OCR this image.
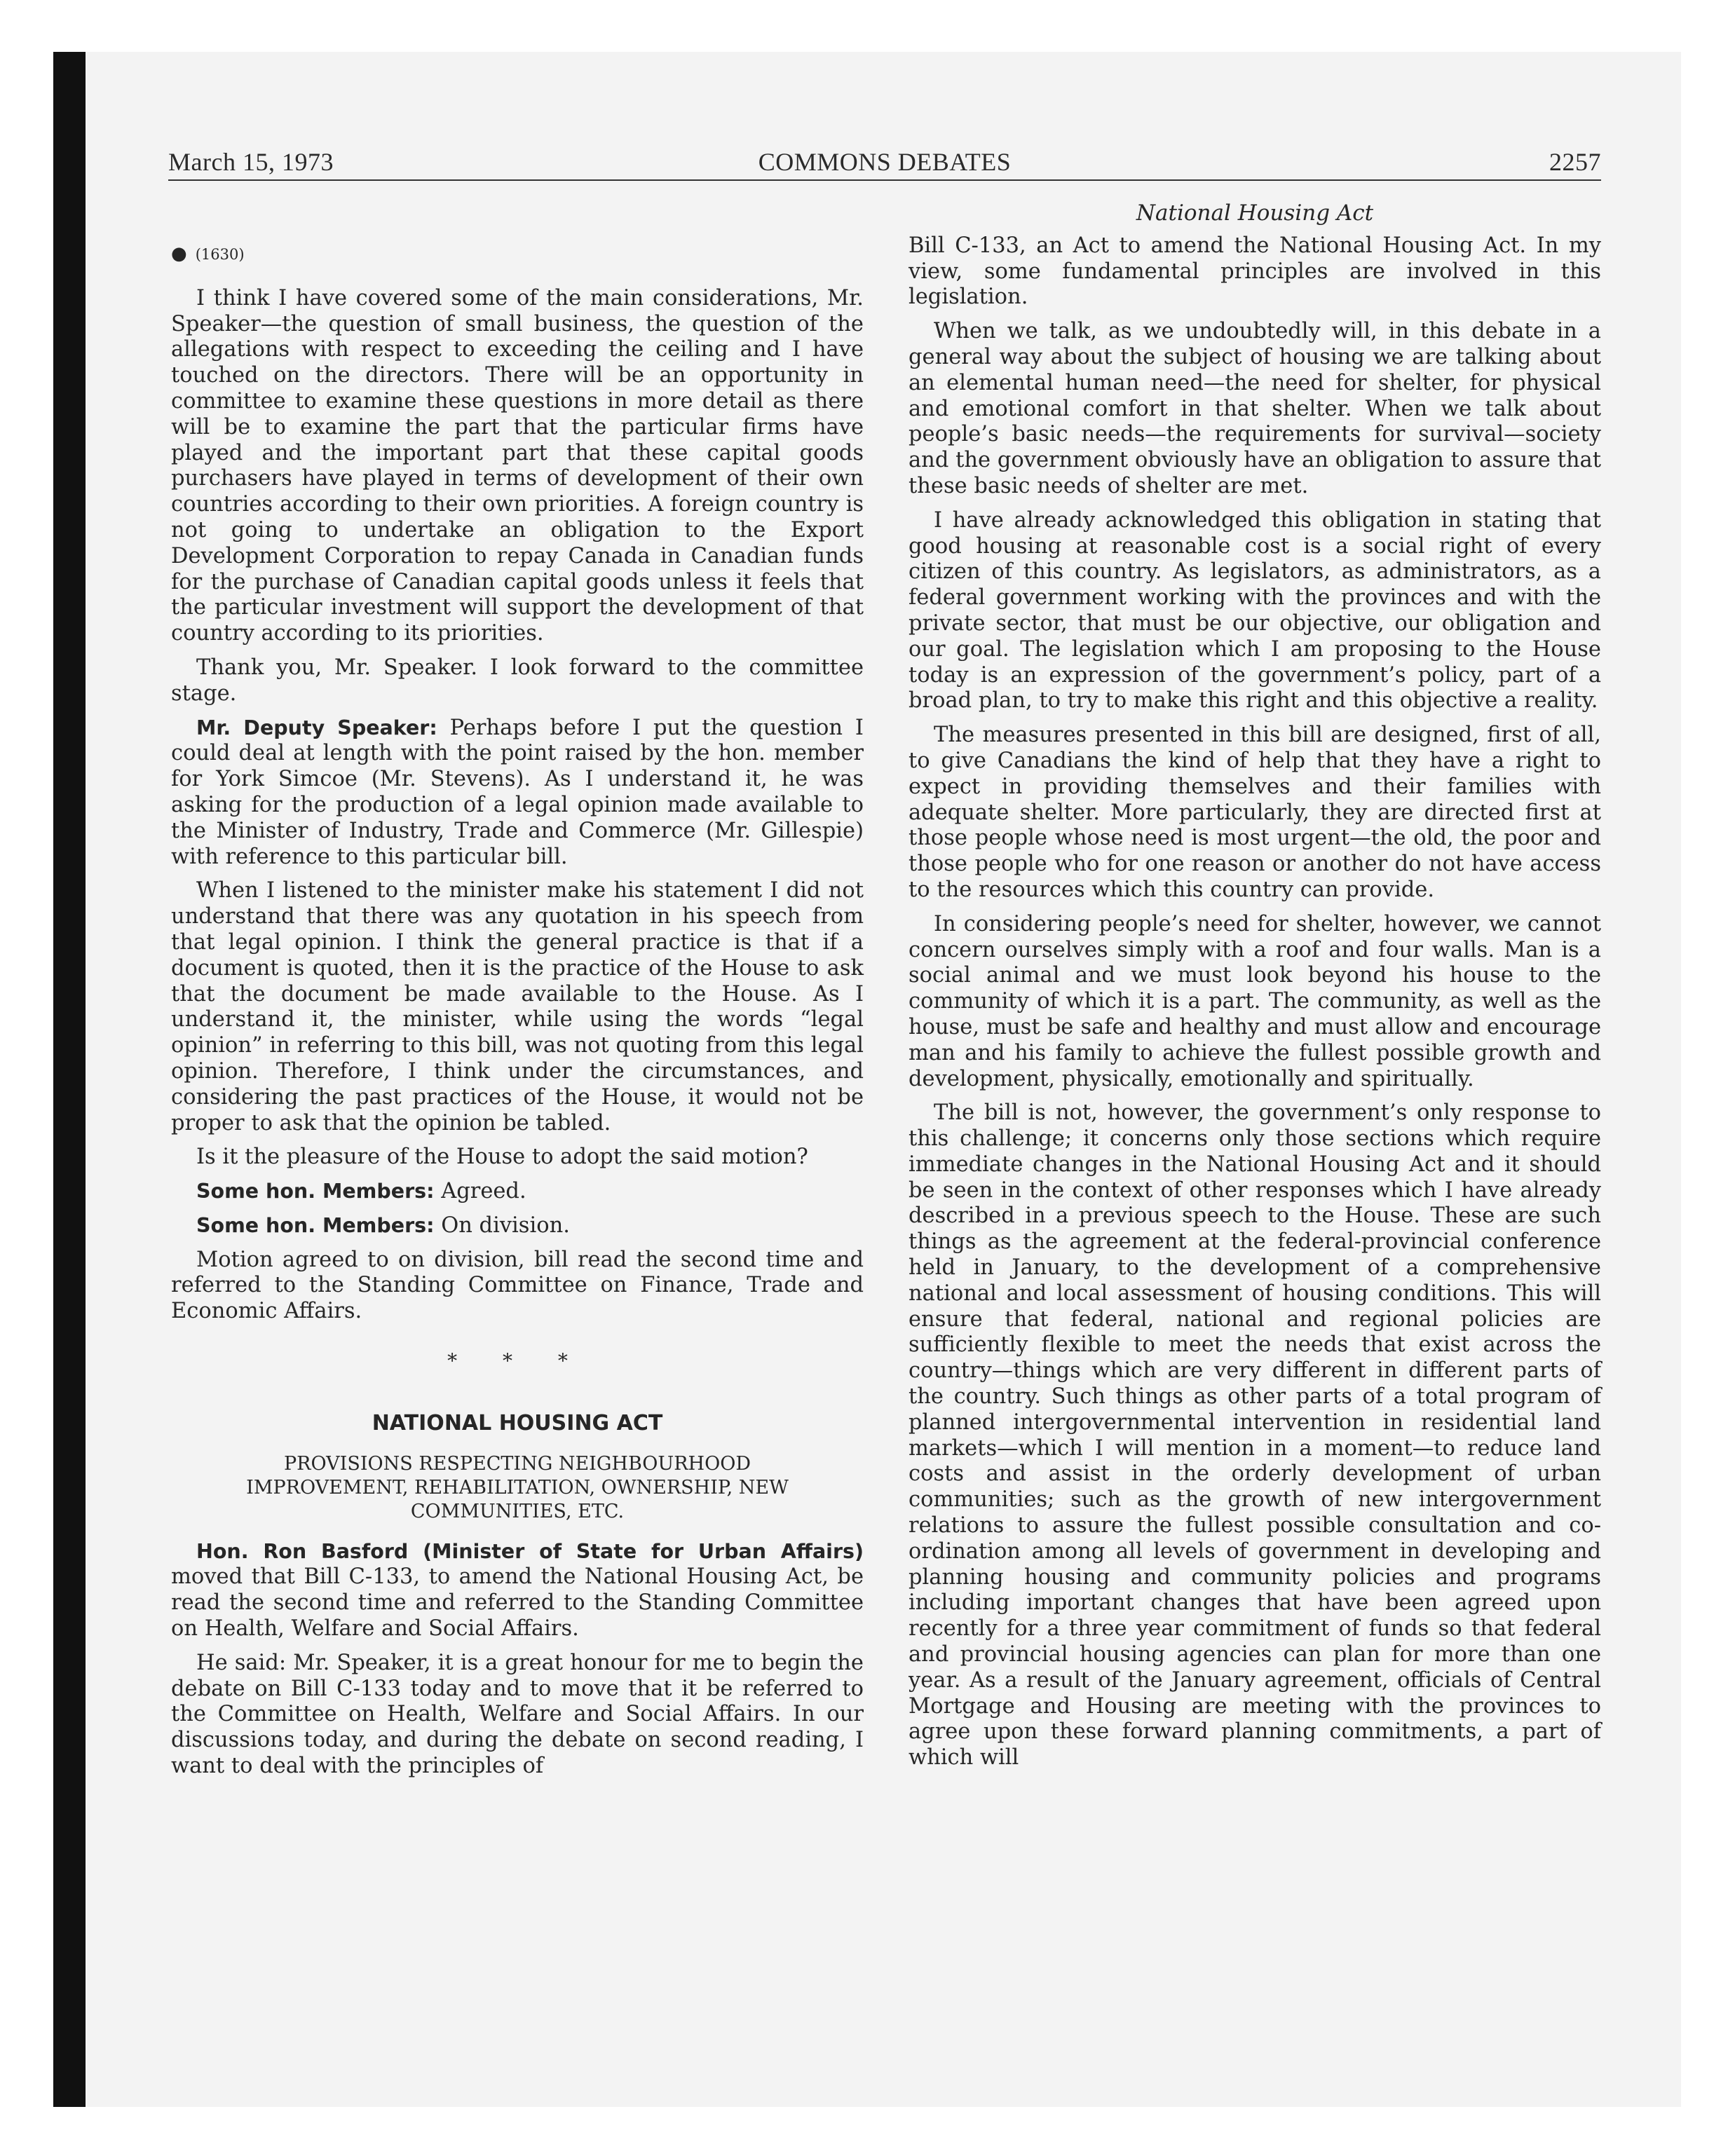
March 15, 1973	COMMONS DEBATES	2257

● (1630)

I think I have covered some of the main considerations, Mr. Speaker—the question of small business, the question of the allegations with respect to exceeding the ceiling and I have touched on the directors. There will be an opportunity in committee to examine these questions in more detail as there will be to examine the part that the particular firms have played and the important part that these capital goods purchasers have played in terms of development of their own countries according to their own priorities. A foreign country is not going to undertake an obligation to the Export Development Corporation to repay Canada in Canadian funds for the purchase of Canadian capital goods unless it feels that the particular investment will support the development of that country according to its priorities.

Thank you, Mr. Speaker. I look forward to the committee stage.

Mr. Deputy Speaker: Perhaps before I put the question I could deal at length with the point raised by the hon. member for York Simcoe (Mr. Stevens). As I understand it, he was asking for the production of a legal opinion made available to the Minister of Industry, Trade and Commerce (Mr. Gillespie) with reference to this particular bill.

When I listened to the minister make his statement I did not understand that there was any quotation in his speech from that legal opinion. I think the general practice is that if a document is quoted, then it is the practice of the House to ask that the document be made available to the House. As I understand it, the minister, while using the words “legal opinion” in referring to this bill, was not quoting from this legal opinion. Therefore, I think under the circumstances, and considering the past practices of the House, it would not be proper to ask that the opinion be tabled.

Is it the pleasure of the House to adopt the said motion?

Some hon. Members: Agreed.

Some hon. Members: On division.

Motion agreed to on division, bill read the second time and referred to the Standing Committee on Finance, Trade and Economic Affairs.

* * *

NATIONAL HOUSING ACT

PROVISIONS RESPECTING NEIGHBOURHOOD IMPROVEMENT, REHABILITATION, OWNERSHIP, NEW COMMUNITIES, ETC.

Hon. Ron Basford (Minister of State for Urban Affairs) moved that Bill C-133, to amend the National Housing Act, be read the second time and referred to the Standing Committee on Health, Welfare and Social Affairs.

He said: Mr. Speaker, it is a great honour for me to begin the debate on Bill C-133 today and to move that it be referred to the Committee on Health, Welfare and Social Affairs. In our discussions today, and during the debate on second reading, I want to deal with the principles of

National Housing Act

Bill C-133, an Act to amend the National Housing Act. In my view, some fundamental principles are involved in this legislation.

When we talk, as we undoubtedly will, in this debate in a general way about the subject of housing we are talking about an elemental human need—the need for shelter, for physical and emotional comfort in that shelter. When we talk about people’s basic needs—the requirements for survival—society and the government obviously have an obligation to assure that these basic needs of shelter are met.

I have already acknowledged this obligation in stating that good housing at reasonable cost is a social right of every citizen of this country. As legislators, as administrators, as a federal government working with the provinces and with the private sector, that must be our objective, our obligation and our goal. The legislation which I am proposing to the House today is an expression of the government’s policy, part of a broad plan, to try to make this right and this objective a reality.

The measures presented in this bill are designed, first of all, to give Canadians the kind of help that they have a right to expect in providing themselves and their families with adequate shelter. More particularly, they are directed first at those people whose need is most urgent—the old, the poor and those people who for one reason or another do not have access to the resources which this country can provide.

In considering people’s need for shelter, however, we cannot concern ourselves simply with a roof and four walls. Man is a social animal and we must look beyond his house to the community of which it is a part. The community, as well as the house, must be safe and healthy and must allow and encourage man and his family to achieve the fullest possible growth and development, physically, emotionally and spiritually.

The bill is not, however, the government’s only response to this challenge; it concerns only those sections which require immediate changes in the National Housing Act and it should be seen in the context of other responses which I have already described in a previous speech to the House. These are such things as the agreement at the federal-provincial conference held in January, to the development of a comprehensive national and local assessment of housing conditions. This will ensure that federal, national and regional policies are sufficiently flexible to meet the needs that exist across the country—things which are very different in different parts of the country. Such things as other parts of a total program of planned intergovernmental intervention in residential land markets—which I will mention in a moment—to reduce land costs and assist in the orderly development of urban communities; such as the growth of new intergovernment relations to assure the fullest possible consultation and co-ordination among all levels of government in developing and planning housing and community policies and programs including important changes that have been agreed upon recently for a three year commitment of funds so that federal and provincial housing agencies can plan for more than one year. As a result of the January agreement, officials of Central Mortgage and Housing are meeting with the provinces to agree upon these forward planning commitments, a part of which will
